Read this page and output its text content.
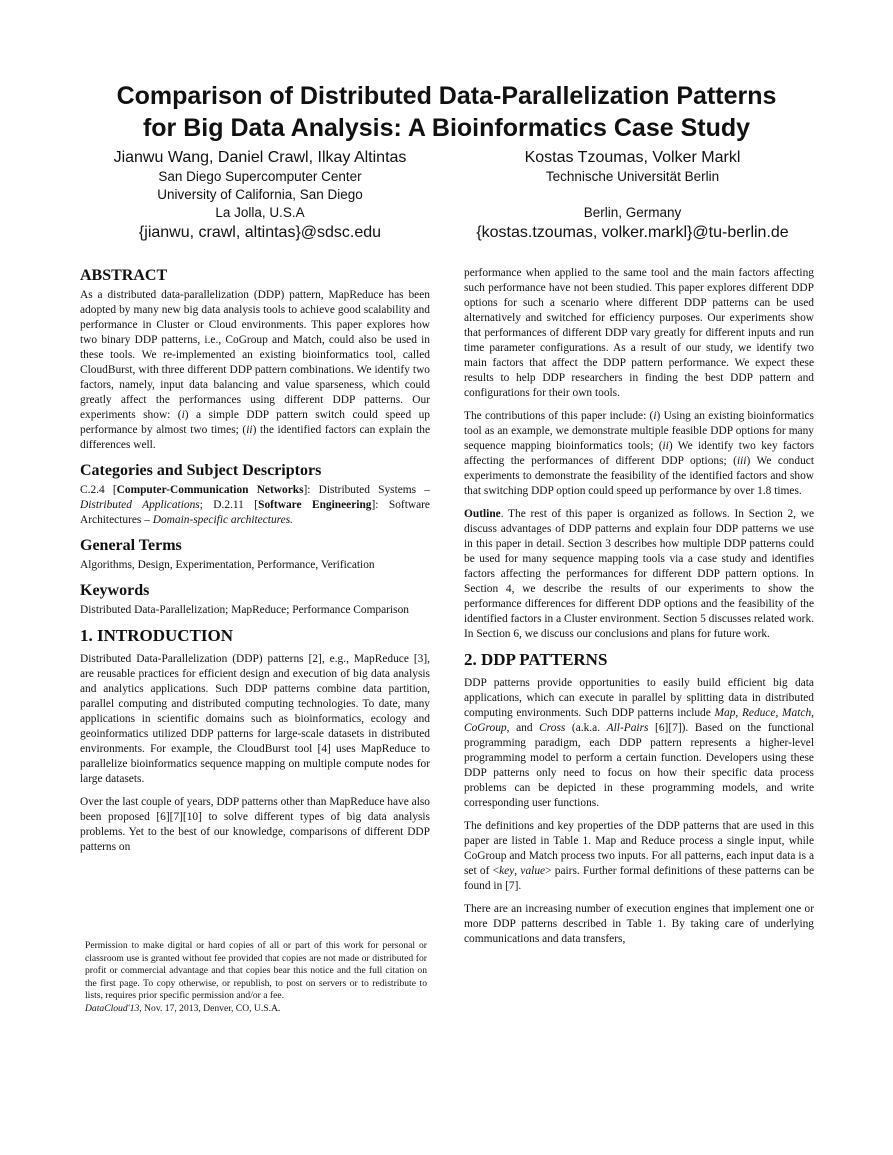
Comparison of Distributed Data-Parallelization Patterns
for Big Data Analysis: A Bioinformatics Case Study
Jianwu Wang, Daniel Crawl, Ilkay Altintas
San Diego Supercomputer Center
University of California, San Diego
La Jolla, U.S.A
{jianwu, crawl, altintas}@sdsc.edu
Kostas Tzoumas, Volker Markl
Technische Universität Berlin

Berlin, Germany
{kostas.tzoumas, volker.markl}@tu-berlin.de
ABSTRACT

As a distributed data-parallelization (DDP) pattern, MapReduce has been adopted by many new big data analysis tools to achieve good scalability and performance in Cluster or Cloud environments. This paper explores how two binary DDP patterns, i.e., CoGroup and Match, could also be used in these tools. We re-implemented an existing bioinformatics tool, called CloudBurst, with three different DDP pattern combinations. We identify two factors, namely, input data balancing and value sparseness, which could greatly affect the performances using different DDP patterns. Our experiments show: (i) a simple DDP pattern switch could speed up performance by almost two times; (ii) the identified factors can explain the differences well.

Categories and Subject Descriptors

C.2.4 [Computer-Communication Networks]: Distributed Systems – Distributed Applications; D.2.11 [Software Engineering]: Software Architectures – Domain-specific architectures.

General Terms

Algorithms, Design, Experimentation, Performance, Verification

Keywords

Distributed Data-Parallelization; MapReduce; Performance Comparison

1. INTRODUCTION

Distributed Data-Parallelization (DDP) patterns [2], e.g., MapReduce [3], are reusable practices for efficient design and execution of big data analysis and analytics applications. Such DDP patterns combine data partition, parallel computing and distributed computing technologies. To date, many applications in scientific domains such as bioinformatics, ecology and geoinformatics utilized DDP patterns for large-scale datasets in distributed environments. For example, the CloudBurst tool [4] uses MapReduce to parallelize bioinformatics sequence mapping on multiple compute nodes for large datasets.

Over the last couple of years, DDP patterns other than MapReduce have also been proposed [6][7][10] to solve different types of big data analysis problems. Yet to the best of our knowledge, comparisons of different DDP patterns on

Permission to make digital or hard copies of all or part of this work for personal or classroom use is granted without fee provided that copies are not made or distributed for profit or commercial advantage and that copies bear this notice and the full citation on the first page. To copy otherwise, or republish, to post on servers or to redistribute to lists, requires prior specific permission and/or a fee.
DataCloud'13, Nov. 17, 2013, Denver, CO, U.S.A.

performance when applied to the same tool and the main factors affecting such performance have not been studied. This paper explores different DDP options for such a scenario where different DDP patterns can be used alternatively and switched for efficiency purposes. Our experiments show that performances of different DDP vary greatly for different inputs and run time parameter configurations. As a result of our study, we identify two main factors that affect the DDP pattern performance. We expect these results to help DDP researchers in finding the best DDP pattern and configurations for their own tools.

The contributions of this paper include: (i) Using an existing bioinformatics tool as an example, we demonstrate multiple feasible DDP options for many sequence mapping bioinformatics tools; (ii) We identify two key factors affecting the performances of different DDP options; (iii) We conduct experiments to demonstrate the feasibility of the identified factors and show that switching DDP option could speed up performance by over 1.8 times.

Outline. The rest of this paper is organized as follows. In Section 2, we discuss advantages of DDP patterns and explain four DDP patterns we use in this paper in detail. Section 3 describes how multiple DDP patterns could be used for many sequence mapping tools via a case study and identifies factors affecting the performances for different DDP pattern options. In Section 4, we describe the results of our experiments to show the performance differences for different DDP options and the feasibility of the identified factors in a Cluster environment. Section 5 discusses related work. In Section 6, we discuss our conclusions and plans for future work.

2. DDP PATTERNS

DDP patterns provide opportunities to easily build efficient big data applications, which can execute in parallel by splitting data in distributed computing environments. Such DDP patterns include Map, Reduce, Match, CoGroup, and Cross (a.k.a. All-Pairs [6][7]). Based on the functional programming paradigm, each DDP pattern represents a higher-level programming model to perform a certain function. Developers using these DDP patterns only need to focus on how their specific data process problems can be depicted in these programming models, and write corresponding user functions.

The definitions and key properties of the DDP patterns that are used in this paper are listed in Table 1. Map and Reduce process a single input, while CoGroup and Match process two inputs. For all patterns, each input data is a set of <key, value> pairs. Further formal definitions of these patterns can be found in [7].

There are an increasing number of execution engines that implement one or more DDP patterns described in Table 1. By taking care of underlying communications and data transfers,
